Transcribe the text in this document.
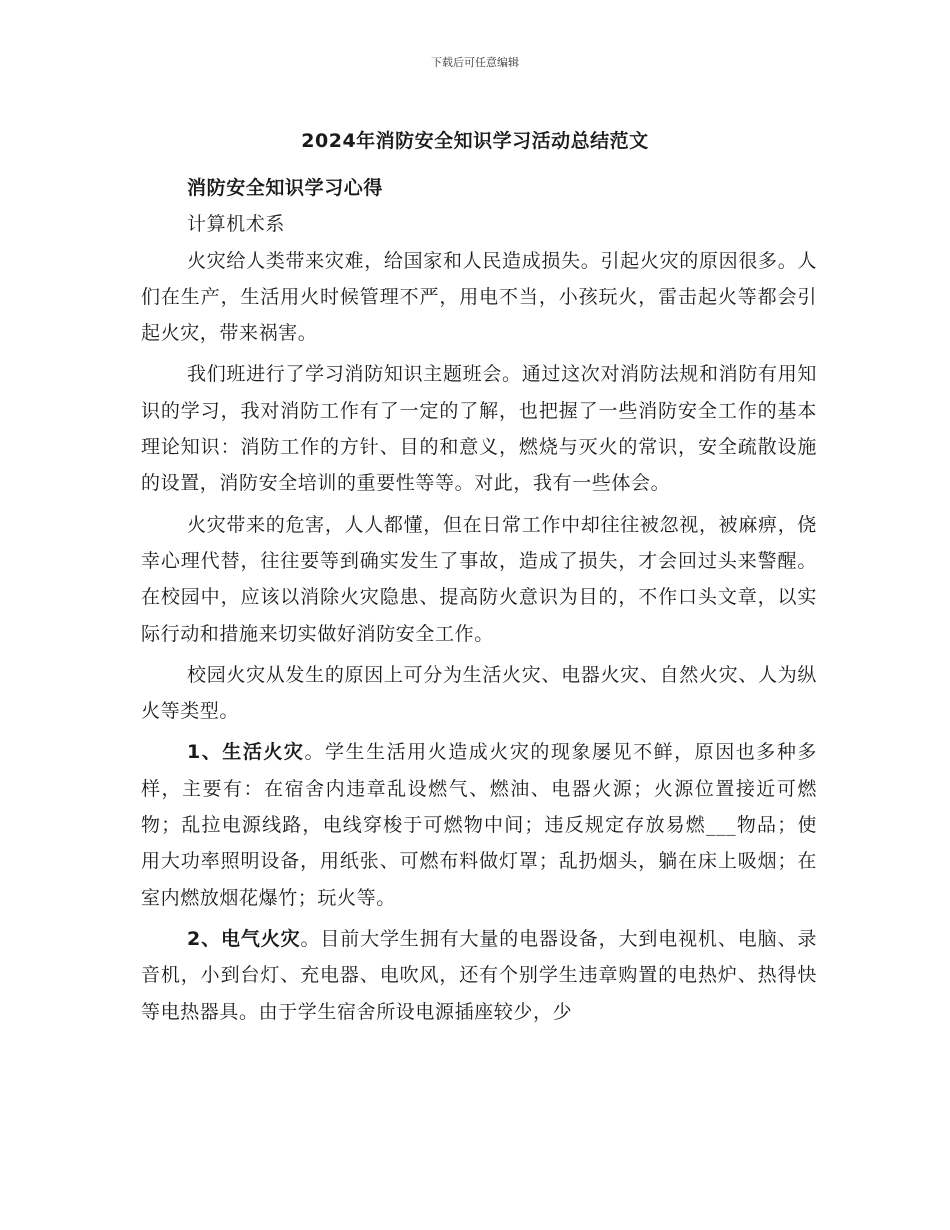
下载后可任意编辑
2024年消防安全知识学习活动总结范文

消防安全知识学习心得

计算机术系

火灾给人类带来灾难，给国家和人民造成损失。引起火灾的原因很多。人们在生产，生活用火时候管理不严，用电不当，小孩玩火，雷击起火等都会引起火灾，带来祸害。

我们班进行了学习消防知识主题班会。通过这次对消防法规和消防有用知识的学习，我对消防工作有了一定的了解，也把握了一些消防安全工作的基本理论知识：消防工作的方针、目的和意义，燃烧与灭火的常识，安全疏散设施的设置，消防安全培训的重要性等等。对此，我有一些体会。

火灾带来的危害，人人都懂，但在日常工作中却往往被忽视，被麻痹，侥幸心理代替，往往要等到确实发生了事故，造成了损失，才会回过头来警醒。在校园中，应该以消除火灾隐患、提高防火意识为目的，不作口头文章，以实际行动和措施来切实做好消防安全工作。

校园火灾从发生的原因上可分为生活火灾、电器火灾、自然火灾、人为纵火等类型。

1、生活火灾。学生生活用火造成火灾的现象屡见不鲜，原因也多种多样，主要有：在宿舍内违章乱设燃气、燃油、电器火源；火源位置接近可燃物；乱拉电源线路，电线穿梭于可燃物中间；违反规定存放易燃___物品；使用大功率照明设备，用纸张、可燃布料做灯罩；乱扔烟头，躺在床上吸烟；在室内燃放烟花爆竹；玩火等。

2、电气火灾。目前大学生拥有大量的电器设备，大到电视机、电脑、录音机，小到台灯、充电器、电吹风，还有个别学生违章购置的电热炉、热得快等电热器具。由于学生宿舍所设电源插座较少，少
